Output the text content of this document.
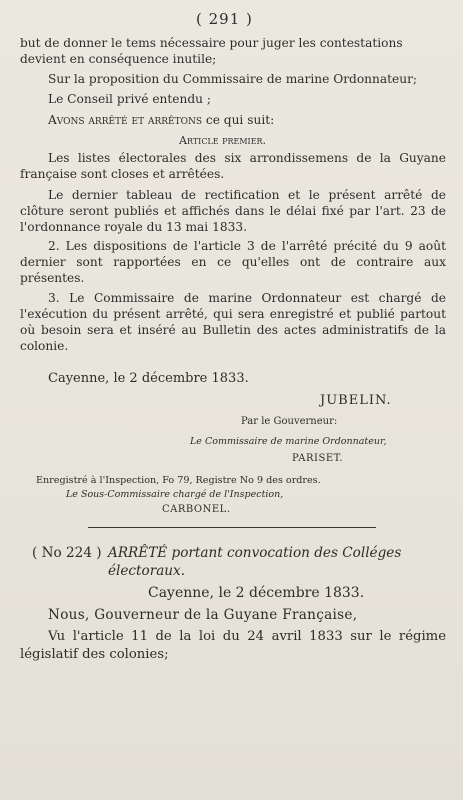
( 291 )
but de donner le tems nécessaire pour juger les contestations
devient en conséquence inutile;
Sur la proposition du Commissaire de marine Ordonnateur;
Le Conseil privé entendu ;
Avons arrêté et arrêtons ce qui suit:
Article premier.
Les listes électorales des six arrondissemens de la Guyane française sont closes et arrêtées.
Le dernier tableau de rectification et le présent arrêté de clôture seront publiés et affichés dans le délai fixé par l'art. 23 de l'ordonnance royale du 13 mai 1833.
2. Les dispositions de l'article 3 de l'arrêté précité du 9 août dernier sont rapportées en ce qu'elles ont de contraire aux présentes.
3. Le Commissaire de marine Ordonnateur est chargé de l'exécution du présent arrêté, qui sera enregistré et publié partout où besoin sera et inséré au Bulletin des actes administratifs de la colonie.
Cayenne, le 2 décembre 1833.
JUBELIN.
Par le Gouverneur:
Le Commissaire de marine Ordonnateur,
PARISET.
Enregistré à l'Inspection, Fo 79, Registre No 9 des ordres.
Le Sous-Commissaire chargé de l'Inspection,
CARBONEL.
( No 224 ) ARRÊTÉ portant convocation des Colléges électoraux.
Cayenne, le 2 décembre 1833.
Nous, Gouverneur de la Guyane Française,
Vu l'article 11 de la loi du 24 avril 1833 sur le régime législatif des colonies;
